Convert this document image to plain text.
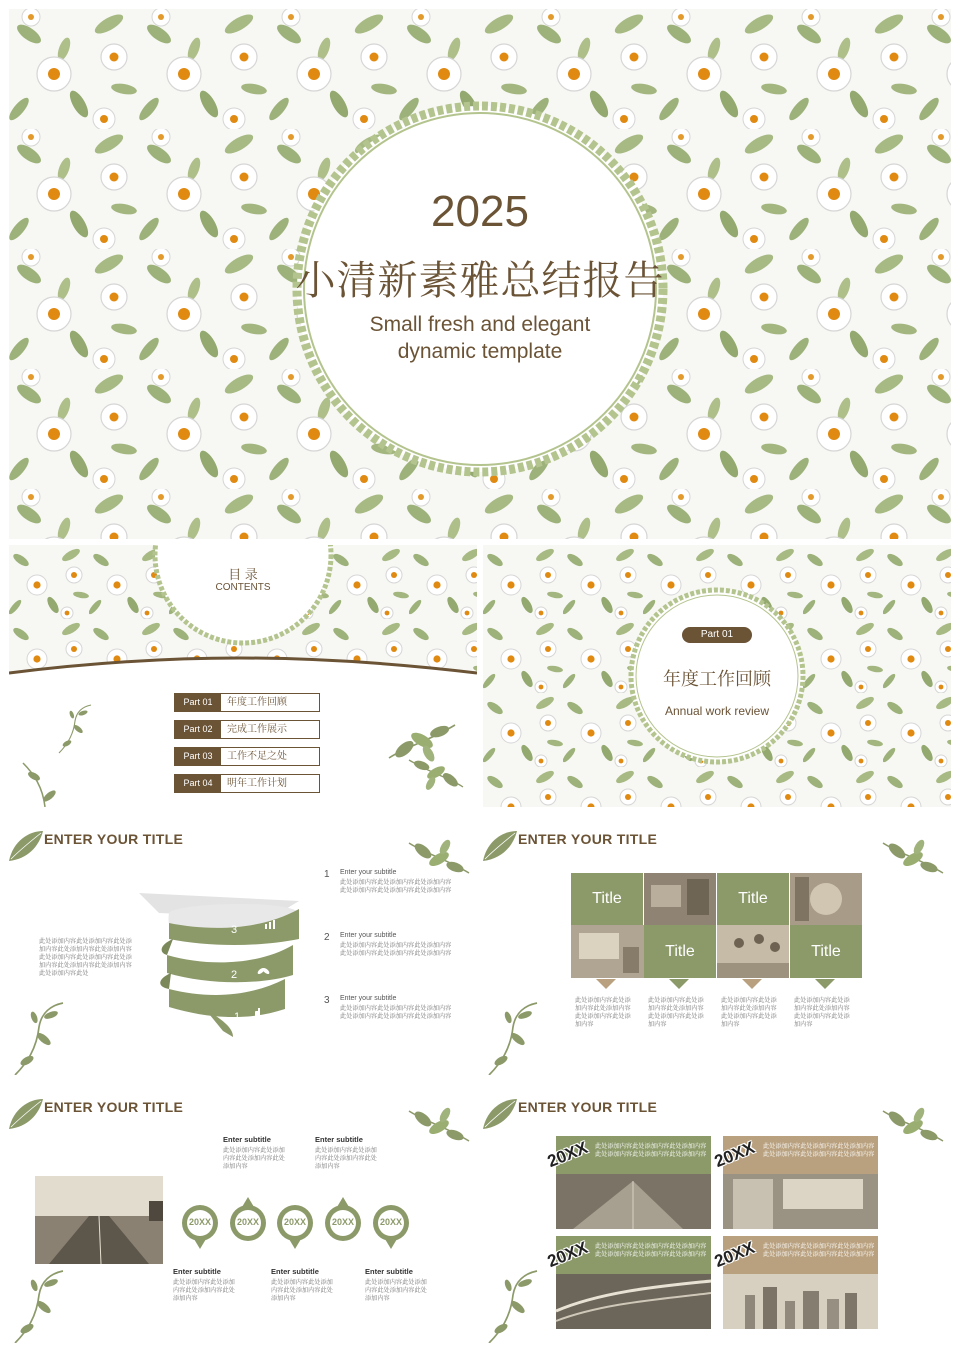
2025
小清新素雅总结报告
Small fresh and elegant
dynamic template
目 录
CONTENTS
Part 01	年度工作回顾
Part 02	完成工作展示
Part 03	工作不足之处
Part 04	明年工作计划
Part 01
年度工作回顾
Annual work review
3
2
1
ENTER YOUR TITLE
此处添加内容此处添加内容此处添加内容此处添加内容此处添加内容此处添加内容此处添加内容此处添加内容此处添加内容此处添加内容此处添加内容此处
1 Enter your subtitle
此处添加内容此处添加内容此处添加内容此处添加内容此处添加内容此处添加内容
2 Enter your subtitle
此处添加内容此处添加内容此处添加内容此处添加内容此处添加内容此处添加内容
3 Enter your subtitle
此处添加内容此处添加内容此处添加内容此处添加内容此处添加内容此处添加内容
ENTER YOUR TITLE
Title	Title
Title	Title
此处添加内容此处添加内容此处添加内容此处添加内容此处添加内容
此处添加内容此处添加内容此处添加内容此处添加内容此处添加内容
此处添加内容此处添加内容此处添加内容此处添加内容此处添加内容
此处添加内容此处添加内容此处添加内容此处添加内容此处添加内容
ENTER YOUR TITLE
20XX	20XX	20XX	20XX	20XX
Enter subtitle
此处添加内容此处添加内容此处添加内容此处添加内容
Enter subtitle
此处添加内容此处添加内容此处添加内容此处添加内容
Enter subtitle
此处添加内容此处添加内容此处添加内容此处添加内容
Enter subtitle
此处添加内容此处添加内容此处添加内容此处添加内容
Enter subtitle
此处添加内容此处添加内容此处添加内容此处添加内容
ENTER YOUR TITLE
20XX 此处添加内容此处添加内容此处添加内容此处添加内容此处添加内容此处添加内容 20XX 此处添加内容此处添加内容此处添加内容此处添加内容此处添加内容此处添加内容
20XX 此处添加内容此处添加内容此处添加内容此处添加内容此处添加内容此处添加内容 20XX 此处添加内容此处添加内容此处添加内容此处添加内容此处添加内容此处添加内容
